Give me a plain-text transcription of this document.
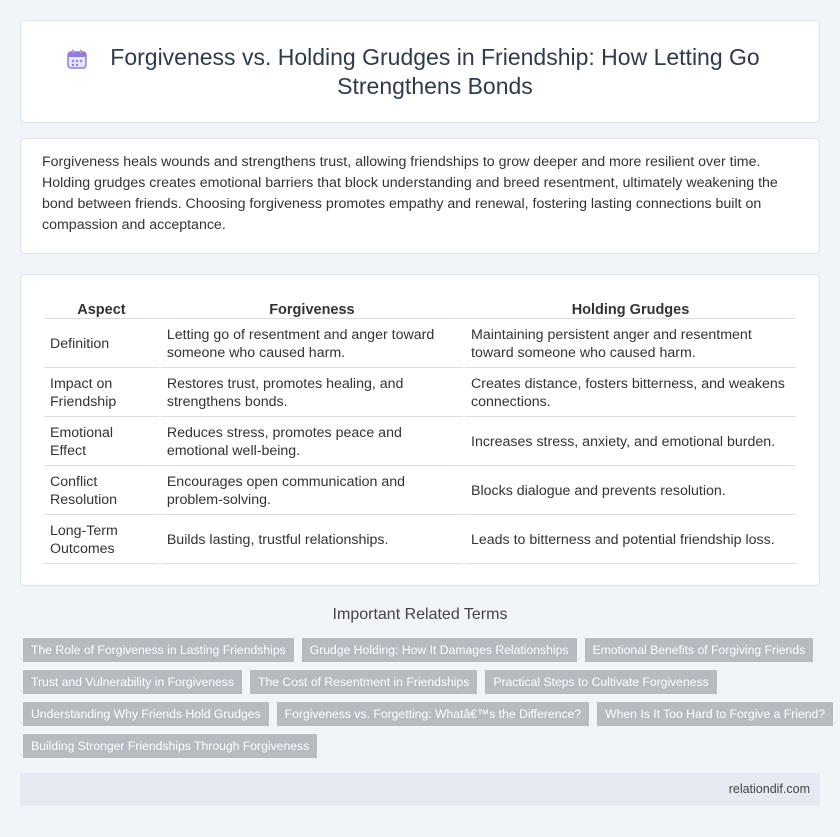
Forgiveness vs. Holding Grudges in Friendship: How Letting Go Strengthens Bonds

Forgiveness heals wounds and strengthens trust, allowing friendships to grow deeper and more resilient over time. Holding grudges creates emotional barriers that block understanding and breed resentment, ultimately weakening the bond between friends. Choosing forgiveness promotes empathy and renewal, fostering lasting connections built on compassion and acceptance.

Aspect	Forgiveness	Holding Grudges
Definition	Letting go of resentment and anger toward someone who caused harm.	Maintaining persistent anger and resentment toward someone who caused harm.
Impact on Friendship	Restores trust, promotes healing, and strengthens bonds.	Creates distance, fosters bitterness, and weakens connections.
Emotional Effect	Reduces stress, promotes peace and emotional well-being.	Increases stress, anxiety, and emotional burden.
Conflict Resolution	Encourages open communication and problem-solving.	Blocks dialogue and prevents resolution.
Long-Term Outcomes	Builds lasting, trustful relationships.	Leads to bitterness and potential friendship loss.
Important Related Terms
The Role of Forgiveness in Lasting Friendships	Grudge Holding: How It Damages Relationships	Emotional Benefits of Forgiving Friends
Trust and Vulnerability in Forgiveness	The Cost of Resentment in Friendships	Practical Steps to Cultivate Forgiveness
Understanding Why Friends Hold Grudges	Forgiveness vs. Forgetting: Whatâ€™s the Difference?	When Is It Too Hard to Forgive a Friend?
Building Stronger Friendships Through Forgiveness
relationdif.com
